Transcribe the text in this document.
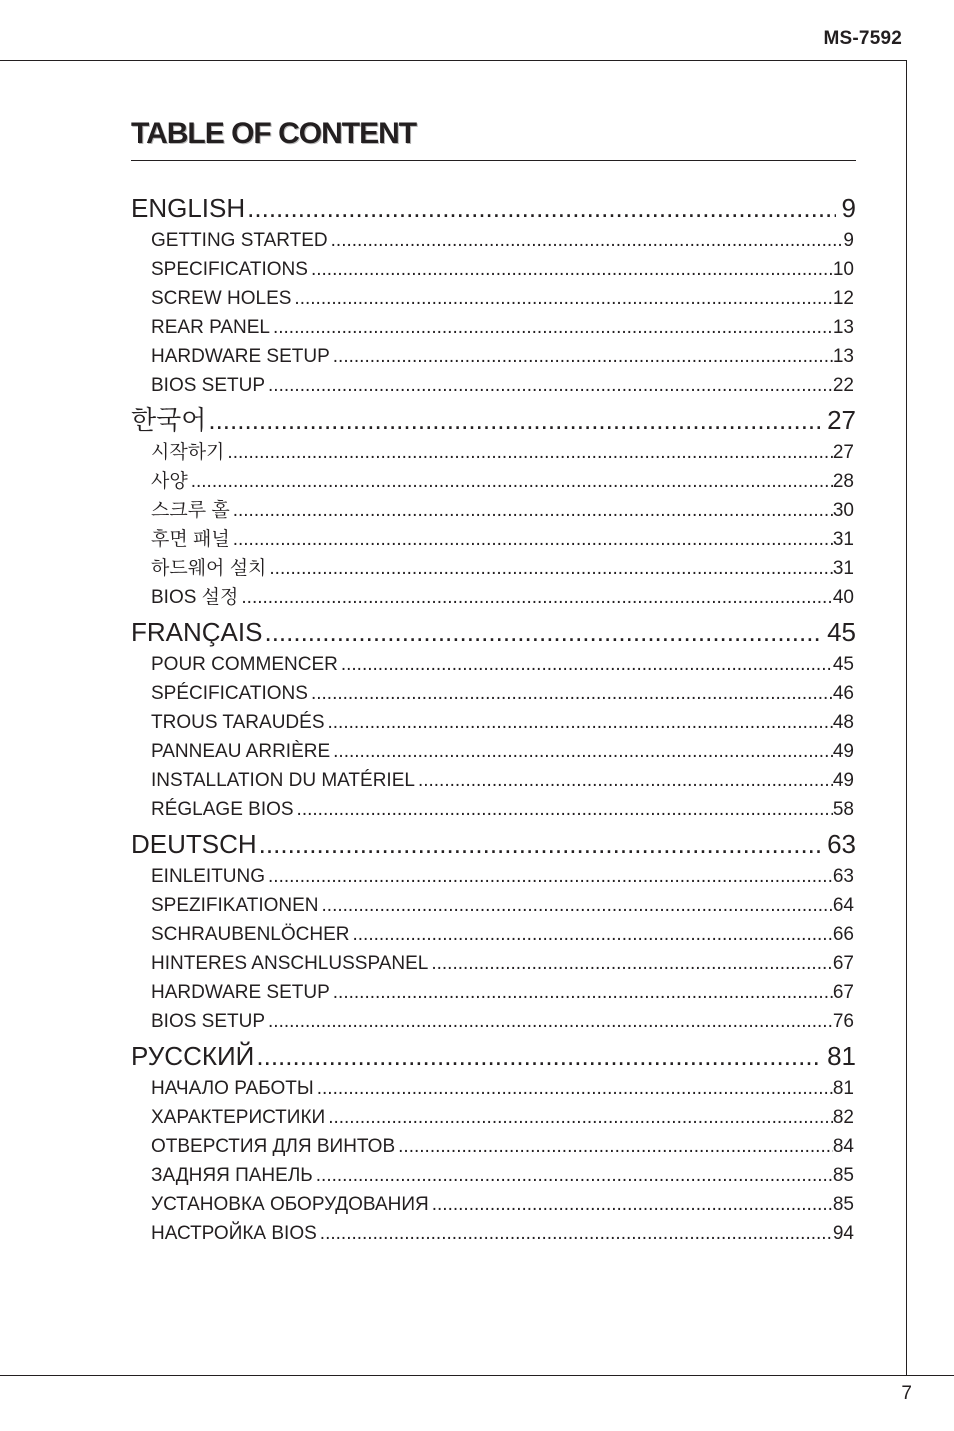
MS-7592
TABLE OF CONTENT
ENGLISH .....	9
GETTING STARTED .....	9
SPECIFICATIONS .....	10
SCREW HOLES .....	12
REAR PANEL .....	13
HARDWARE SETUP .....	13
BIOS SETUP .....	22
한국어 .....	27
시작하기 .....	27
사양 .....	28
스크루 홀 .....	30
후면 패널 .....	31
하드웨어 설치 .....	31
BIOS 설정 .....	40
FRANÇAIS .....	45
POUR COMMENCER .....	45
SPÉCIFICATIONS .....	46
TROUS TARAUDÉS .....	48
PANNEAU ARRIÈRE .....	49
INSTALLATION DU MATÉRIEL .....	49
RÉGLAGE BIOS .....	58
DEUTSCH .....	63
EINLEITUNG .....	63
SPEZIFIKATIONEN .....	64
SCHRAUBENLÖCHER .....	66
HINTERES ANSCHLUSSPANEL .....	67
HARDWARE SETUP .....	67
BIOS SETUP .....	76
РУССКИЙ .....	81
НАЧАЛО РАБОТЫ .....	81
ХАРАКТЕРИСТИКИ .....	82
ОТВЕРСТИЯ ДЛЯ ВИНТОВ .....	84
ЗАДНЯЯ ПАНЕЛЬ .....	85
УСТАНОВКА ОБОРУДОВАНИЯ .....	85
НАСТРОЙКА BIOS .....	94
7
